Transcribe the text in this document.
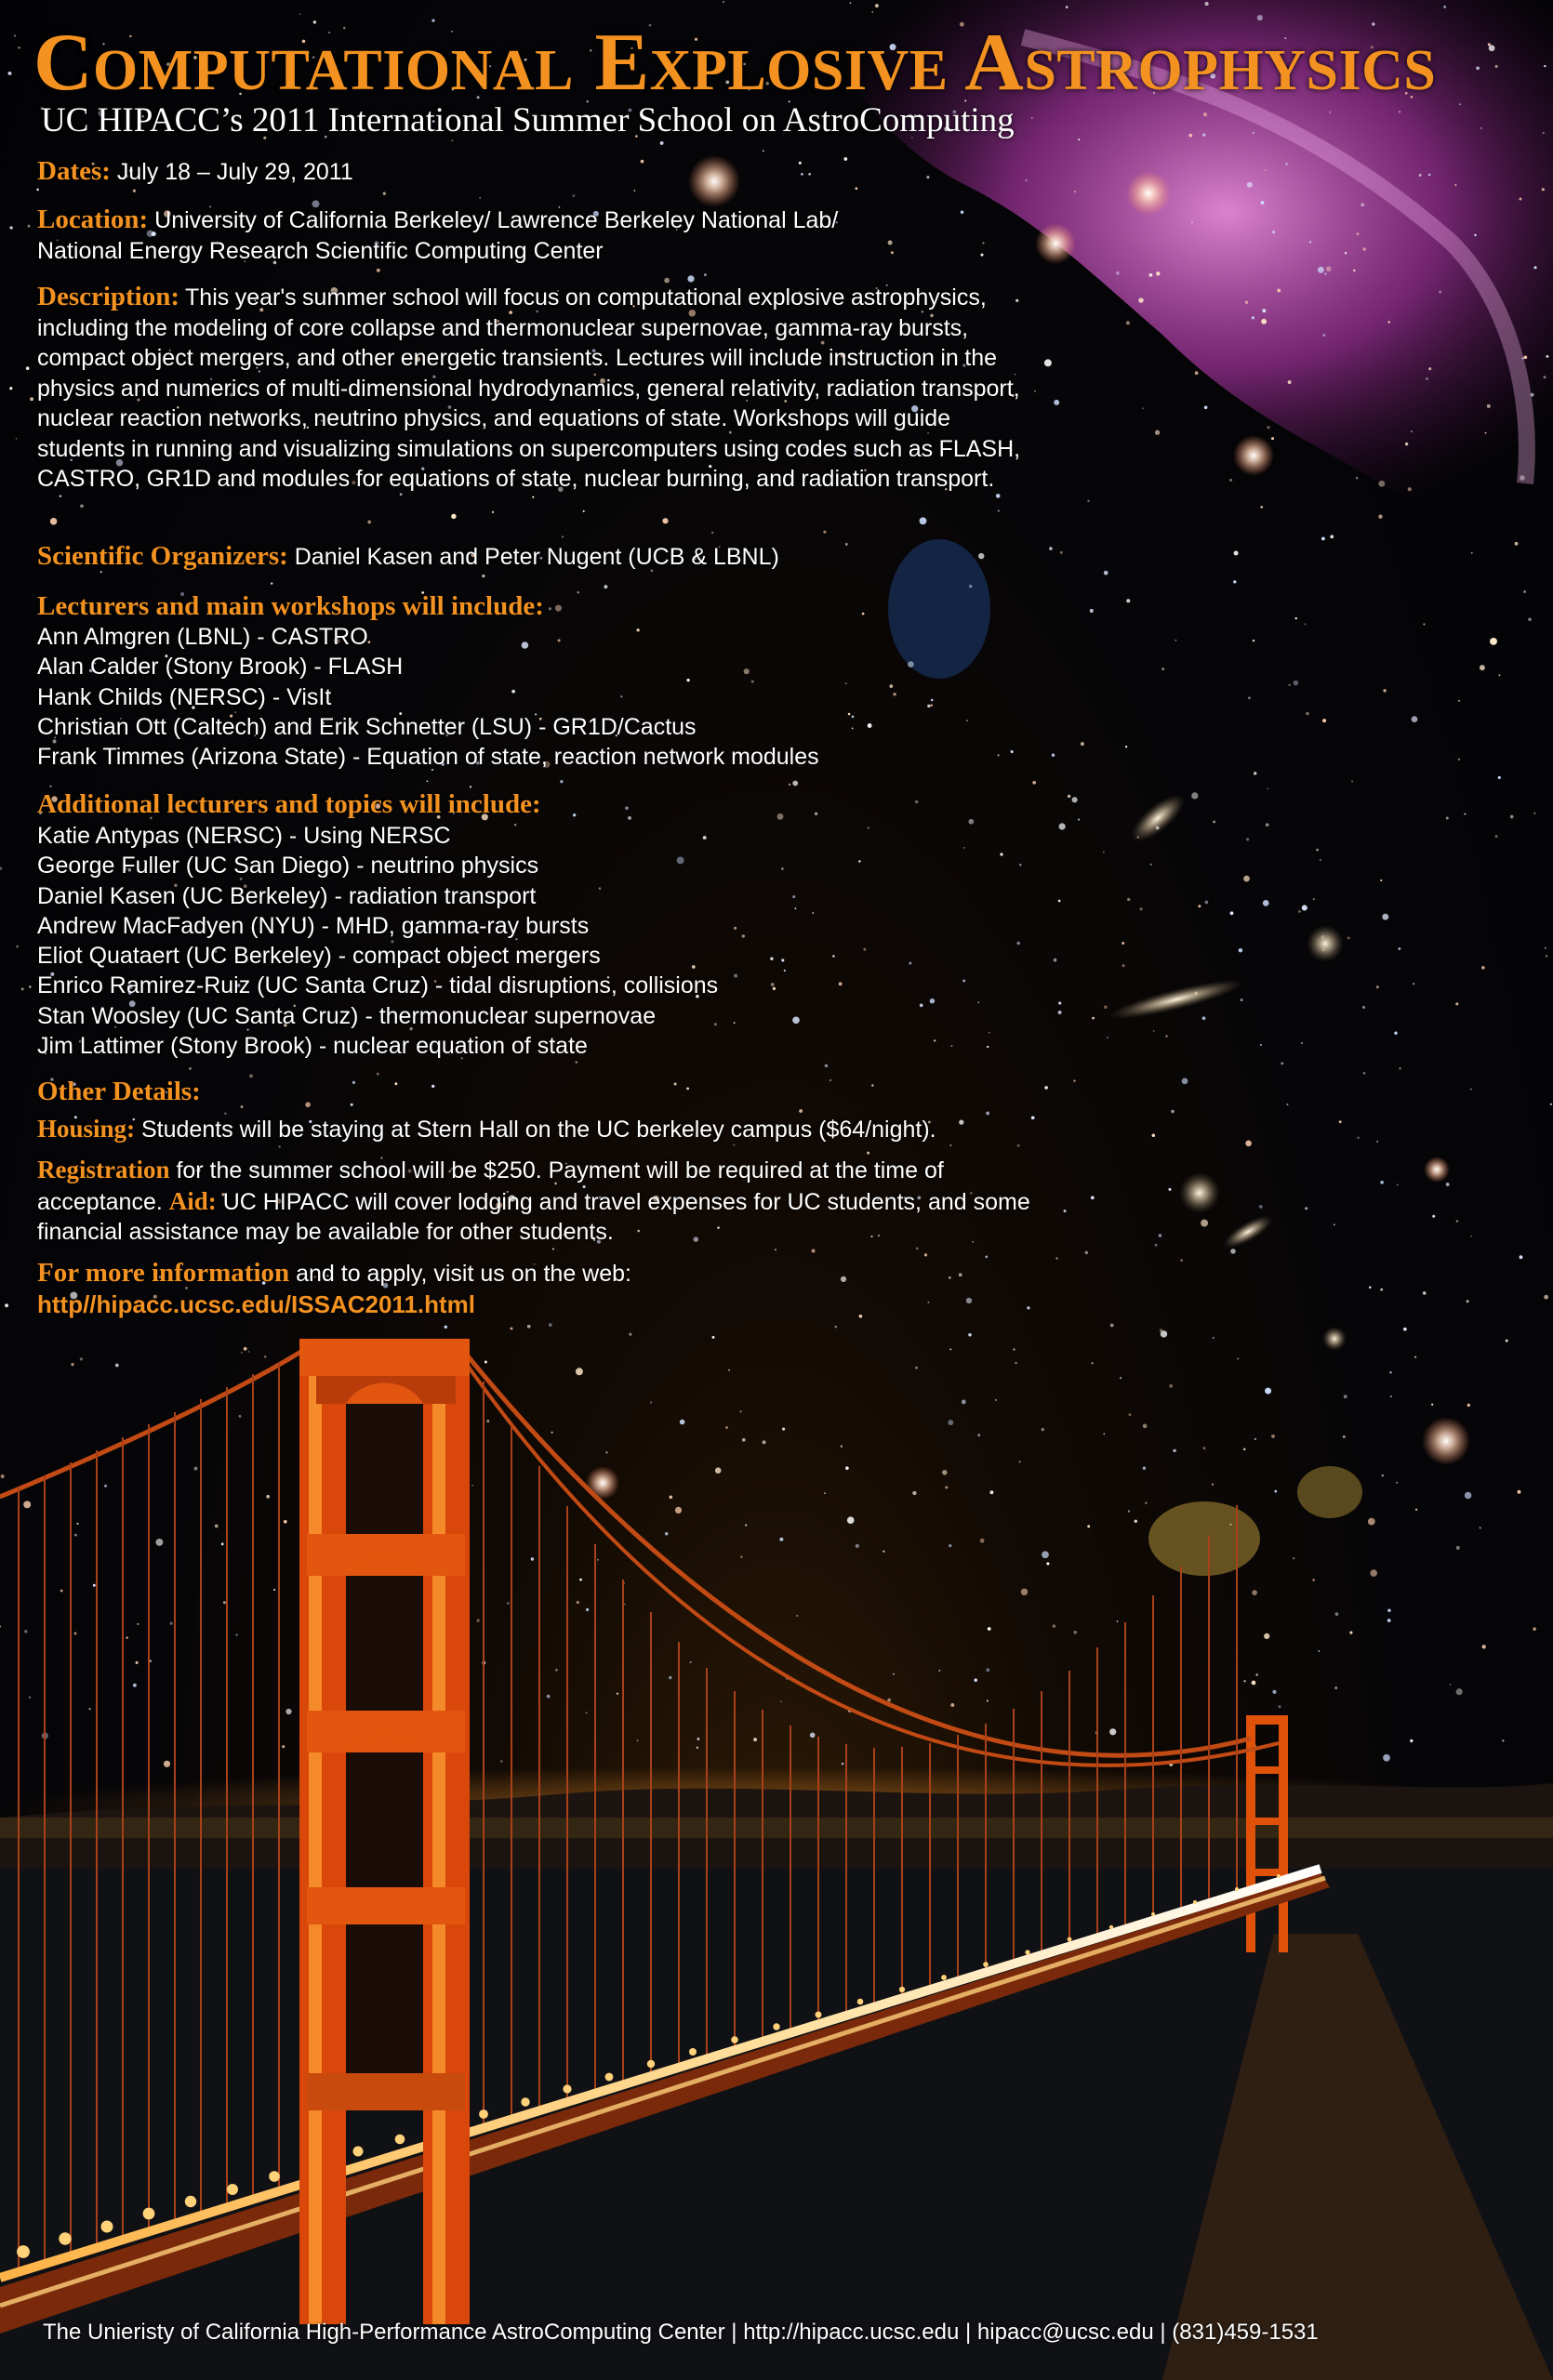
Computational Explosive Astrophysics
UC HIPACC’s 2011 International Summer School on AstroComputing
Dates: July 18 – July 29, 2011
Location: University of California Berkeley/ Lawrence Berkeley National Lab/
National Energy Research Scientific Computing Center
Description: This year's summer school will focus on computational explosive astrophysics, including the modeling of core collapse and thermonuclear supernovae, gamma-ray bursts, compact object mergers, and other energetic transients. Lectures will include instruction in the physics and numerics of multi-dimensional hydrodynamics, general relativity, radiation transport, nuclear reaction networks, neutrino physics, and equations of state. Workshops will guide students in running and visualizing simulations on supercomputers using codes such as FLASH, CASTRO, GR1D and modules for equations of state, nuclear burning, and radiation transport.
Scientific Organizers: Daniel Kasen and Peter Nugent (UCB & LBNL)
Lecturers and main workshops will include:
Ann Almgren (LBNL) - CASTRO
Alan Calder (Stony Brook) - FLASH
Hank Childs (NERSC) - VisIt
Christian Ott (Caltech) and Erik Schnetter (LSU) - GR1D/Cactus
Frank Timmes (Arizona State) - Equation of state, reaction network modules
Additional lecturers and topics will include:
Katie Antypas (NERSC) - Using NERSC
George Fuller (UC San Diego) - neutrino physics
Daniel Kasen (UC Berkeley) - radiation transport
Andrew MacFadyen (NYU) - MHD, gamma-ray bursts
Eliot Quataert (UC Berkeley) - compact object mergers
Enrico Ramirez-Ruiz (UC Santa Cruz) - tidal disruptions, collisions
Stan Woosley (UC Santa Cruz) - thermonuclear supernovae
Jim Lattimer (Stony Brook) - nuclear equation of state
Other Details:
Housing: Students will be staying at Stern Hall on the UC berkeley campus ($64/night).
Registration for the summer school will be $250. Payment will be required at the time of acceptance. Aid: UC HIPACC will cover lodging and travel expenses for UC students, and some financial assistance may be available for other students.
For more information and to apply, visit us on the web:
http//hipacc.ucsc.edu/ISSAC2011.html
The Unieristy of California High-Performance AstroComputing Center | http://hipacc.ucsc.edu | hipacc@ucsc.edu | (831)459-1531
